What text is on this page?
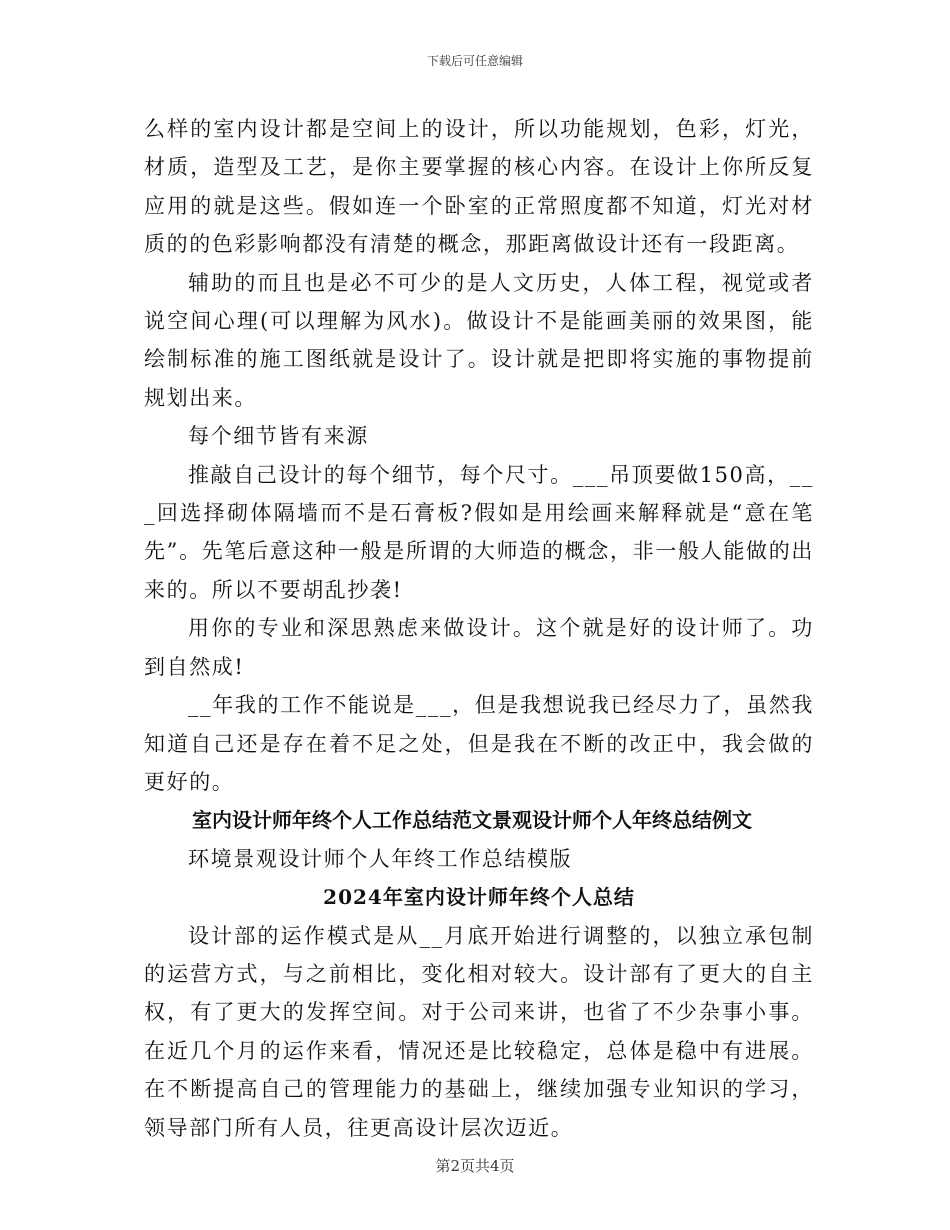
下载后可任意编辑

么样的室内设计都是空间上的设计，所以功能规划，色彩，灯光，材质，造型及工艺，是你主要掌握的核心内容。在设计上你所反复应用的就是这些。假如连一个卧室的正常照度都不知道，灯光对材质的的色彩影响都没有清楚的概念，那距离做设计还有一段距离。

辅助的而且也是必不可少的是人文历史，人体工程，视觉或者说空间心理(可以理解为风水)。做设计不是能画美丽的效果图，能绘制标准的施工图纸就是设计了。设计就是把即将实施的事物提前规划出来。

每个细节皆有来源

推敲自己设计的每个细节，每个尺寸。___吊顶要做150高，___回选择砌体隔墙而不是石膏板?假如是用绘画来解释就是“意在笔先”。先笔后意这种一般是所谓的大师造的概念，非一般人能做的出来的。所以不要胡乱抄袭!

用你的专业和深思熟虑来做设计。这个就是好的设计师了。功到自然成!

__年我的工作不能说是___，但是我想说我已经尽力了，虽然我知道自己还是存在着不足之处，但是我在不断的改正中，我会做的更好的。

室内设计师年终个人工作总结范文景观设计师个人年终总结例文

环境景观设计师个人年终工作总结模版

2024年室内设计师年终个人总结

设计部的运作模式是从__月底开始进行调整的，以独立承包制的运营方式，与之前相比，变化相对较大。设计部有了更大的自主权，有了更大的发挥空间。对于公司来讲，也省了不少杂事小事。在近几个月的运作来看，情况还是比较稳定，总体是稳中有进展。在不断提高自己的管理能力的基础上，继续加强专业知识的学习，领导部门所有人员，往更高设计层次迈近。

第2页共4页
